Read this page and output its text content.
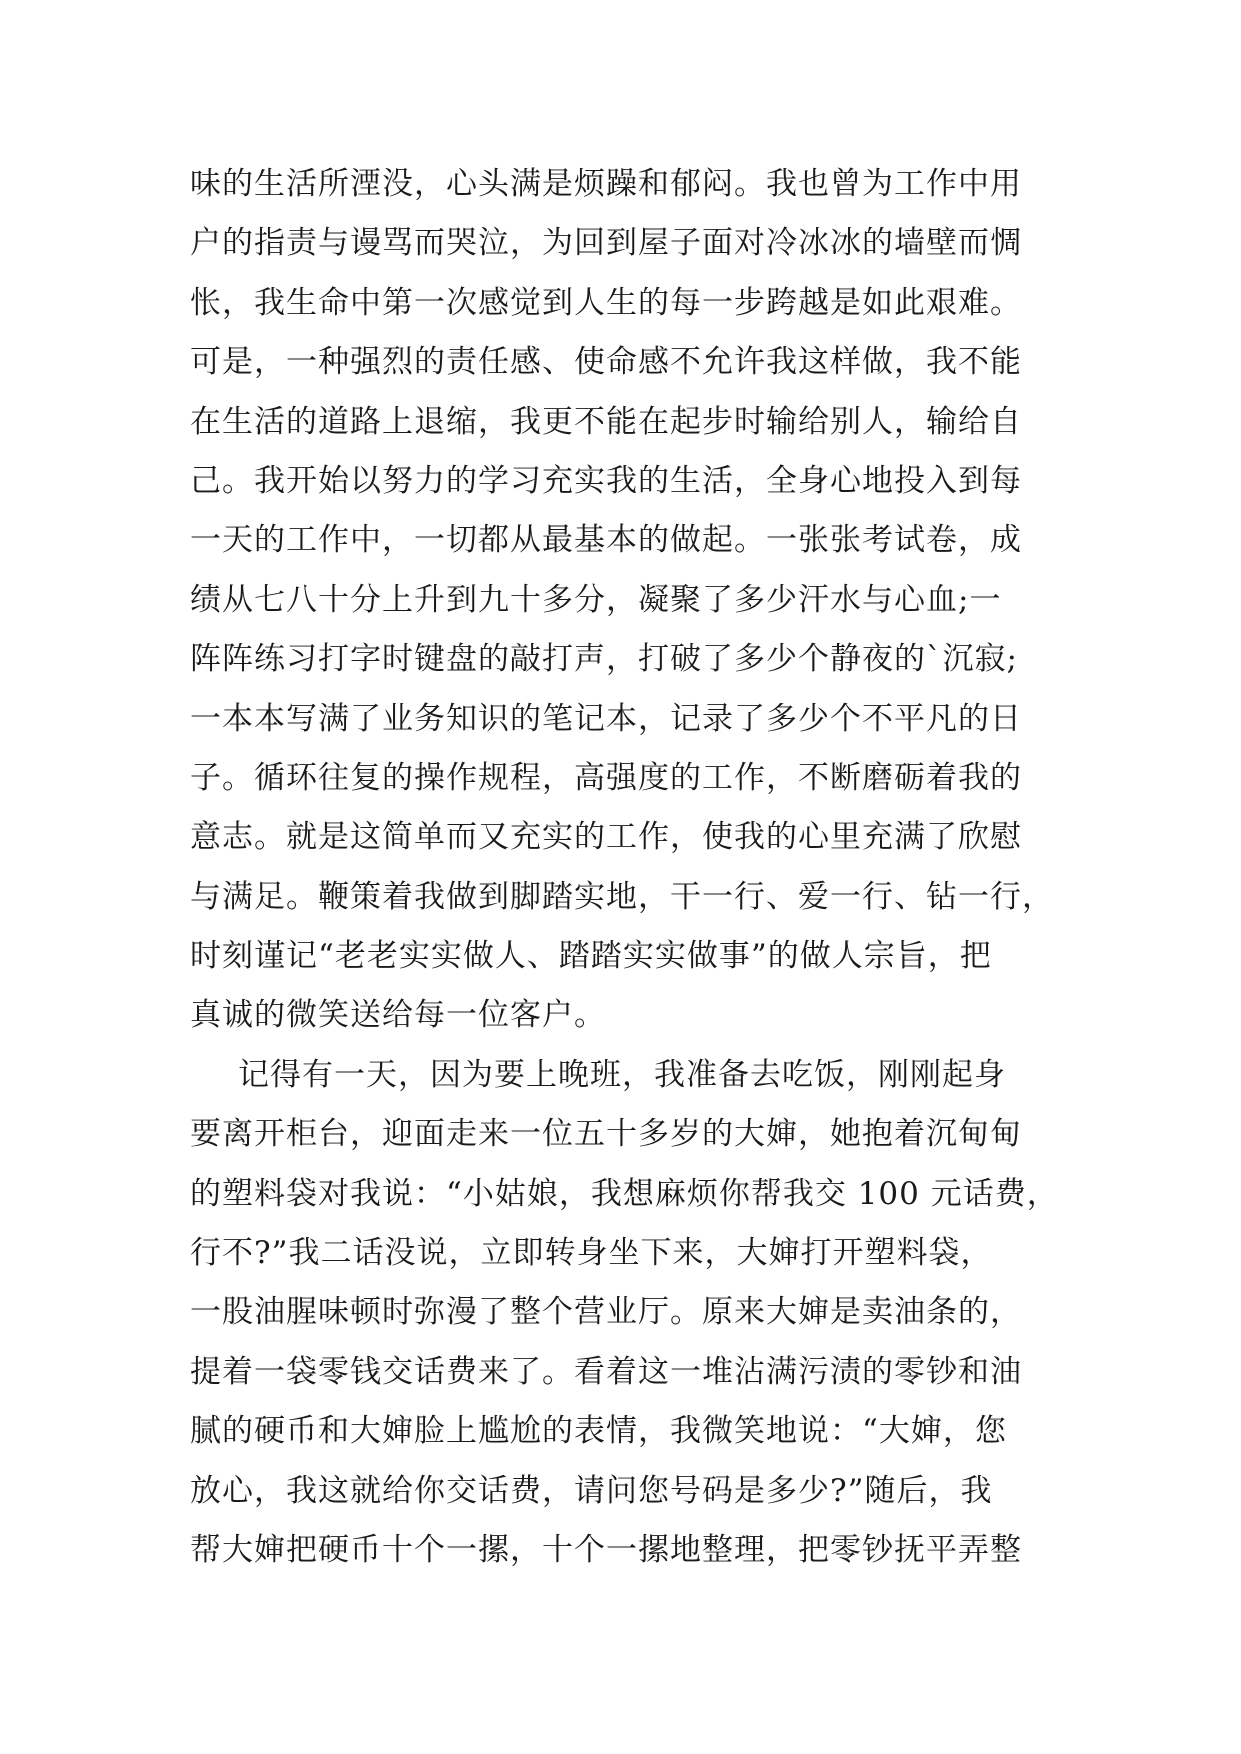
味的生活所湮没，心头满是烦躁和郁闷。我也曾为工作中用
户的指责与谩骂而哭泣，为回到屋子面对冷冰冰的墙壁而惆
怅，我生命中第一次感觉到人生的每一步跨越是如此艰难。
可是，一种强烈的责任感、使命感不允许我这样做，我不能
在生活的道路上退缩，我更不能在起步时输给别人，输给自
己。我开始以努力的学习充实我的生活，全身心地投入到每
一天的工作中，一切都从最基本的做起。一张张考试卷，成
绩从七八十分上升到九十多分，凝聚了多少汗水与心血;一
阵阵练习打字时键盘的敲打声，打破了多少个静夜的`沉寂;
一本本写满了业务知识的笔记本，记录了多少个不平凡的日
子。循环往复的操作规程，高强度的工作，不断磨砺着我的
意志。就是这简单而又充实的工作，使我的心里充满了欣慰
与满足。鞭策着我做到脚踏实地，干一行、爱一行、钻一行，
时刻谨记“老老实实做人、踏踏实实做事”的做人宗旨，把
真诚的微笑送给每一位客户。
记得有一天，因为要上晚班，我准备去吃饭，刚刚起身
要离开柜台，迎面走来一位五十多岁的大婶，她抱着沉甸甸
的塑料袋对我说：“小姑娘，我想麻烦你帮我交 100 元话费，
行不?”我二话没说，立即转身坐下来，大婶打开塑料袋，
一股油腥味顿时弥漫了整个营业厅。原来大婶是卖油条的，
提着一袋零钱交话费来了。看着这一堆沾满污渍的零钞和油
腻的硬币和大婶脸上尴尬的表情，我微笑地说：“大婶，您
放心，我这就给你交话费，请问您号码是多少?”随后，我
帮大婶把硬币十个一摞，十个一摞地整理，把零钞抚平弄整
